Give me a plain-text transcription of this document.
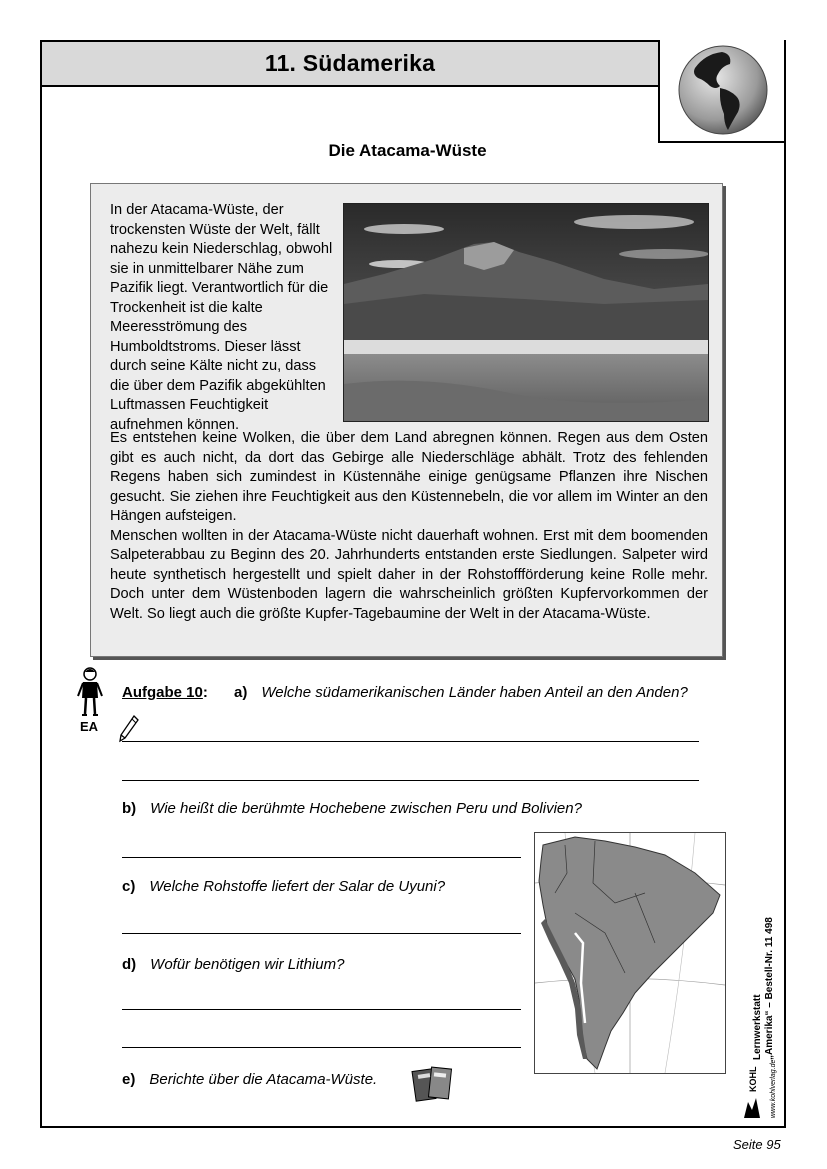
11. Südamerika
Die Atacama-Wüste
In der Atacama-Wüste, der trockensten Wüste der Welt, fällt nahezu kein Niederschlag, obwohl sie in unmittelbarer Nähe zum Pazifik liegt. Verantwortlich für die Trockenheit ist die kalte Meeresströmung des Humboldtstroms. Dieser lässt durch seine Kälte nicht zu, dass die über dem Pazifik abgekühlten Luftmassen Feuchtigkeit aufnehmen können.
Es entstehen keine Wolken, die über dem Land abregnen können. Regen aus dem Osten gibt es auch nicht, da dort das Gebirge alle Niederschläge abhält. Trotz des fehlenden Regens haben sich zumindest in Küstennähe einige genügsame Pflanzen ihre Nischen gesucht. Sie ziehen ihre Feuchtigkeit aus den Küstennebeln, die vor allem im Winter an den Hängen aufsteigen.
Menschen wollten in der Atacama-Wüste nicht dauerhaft wohnen. Erst mit dem boomenden Salpeterabbau zu Beginn des 20. Jahrhunderts entstanden erste Siedlungen. Salpeter wird heute synthetisch hergestellt und spielt daher in der Rohstoffförderung keine Rolle mehr. Doch unter dem Wüstenboden lagern die wahrscheinlich größten Kupfervorkommen der Welt. So liegt auch die größte Kupfer-Tagebaumine der Welt in der Atacama-Wüste.
EA
Aufgabe 10: a) Welche südamerikanischen Länder haben Anteil an den Anden?
b) Wie heißt die berühmte Hochebene zwischen Peru und Bolivien?
c) Welche Rohstoffe liefert der Salar de Uyuni?
d) Wofür benötigen wir Lithium?
e) Berichte über die Atacama-Wüste.
Lernwerkstatt „Amerika“ – Bestell-Nr. 11 498
KOHL www.kohlverlag.de
Seite 95
